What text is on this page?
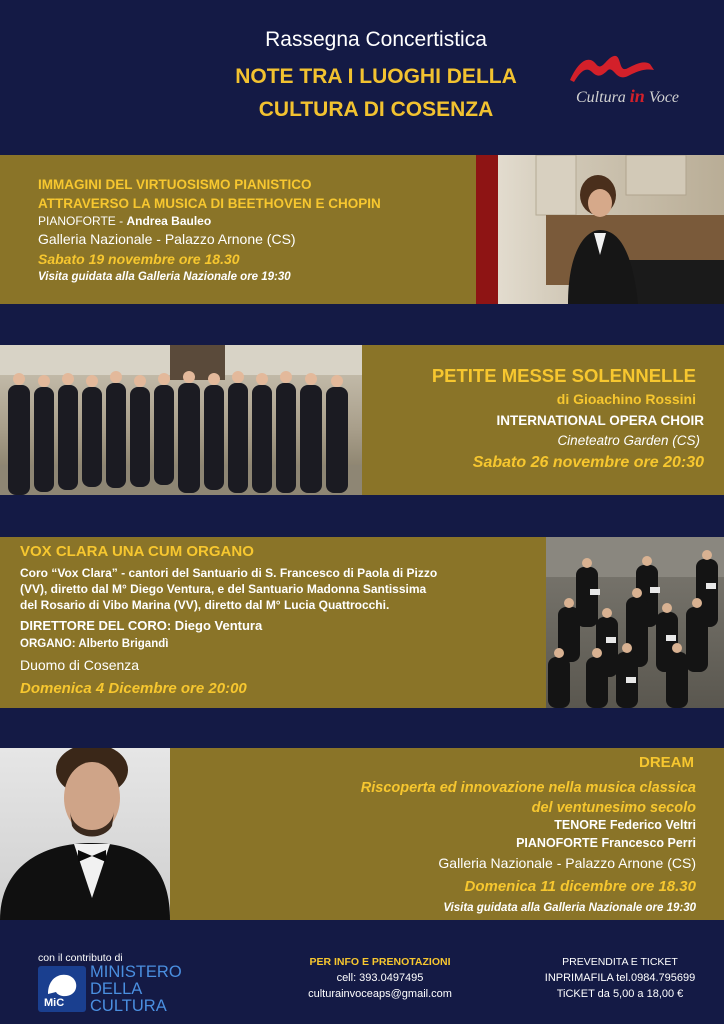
Rassegna Concertistica
NOTE TRA I LUOGHI DELLA
CULTURA DI COSENZA
Cultura in Voce
IMMAGINI DEL VIRTUOSISMO PIANISTICO
ATTRAVERSO LA MUSICA DI BEETHOVEN E CHOPIN
PIANOFORTE - Andrea Bauleo
Galleria Nazionale - Palazzo Arnone (CS)
Sabato 19 novembre ore 18.30
Visita guidata alla Galleria Nazionale ore 19:30
PETITE MESSE SOLENNELLE
di Gioachino Rossini
INTERNATIONAL OPERA CHOIR
Cineteatro Garden (CS)
Sabato 26 novembre ore 20:30
VOX CLARA UNA CUM ORGANO
Coro “Vox Clara” - cantori del Santuario di S. Francesco di Paola di Pizzo
(VV), diretto dal M° Diego Ventura, e del Santuario Madonna Santissima
del Rosario di Vibo Marina (VV), diretto dal M° Lucia Quattrocchi.
DIRETTORE DEL CORO: Diego Ventura
ORGANO: Alberto Brigandì
Duomo di Cosenza
Domenica 4 Dicembre ore 20:00
DREAM
Riscoperta ed innovazione nella musica classica
del ventunesimo secolo
TENORE Federico Veltri
PIANOFORTE Francesco Perri
Galleria Nazionale - Palazzo Arnone (CS)
Domenica 11 dicembre ore 18.30
Visita guidata alla Galleria Nazionale ore 19:30
con il contributo di
MiC
MINISTERO
DELLA
CULTURA
PER INFO E PRENOTAZIONI
cell: 393.0497495
culturainvoceaps@gmail.com
PREVENDITA E TICKET
INPRIMAFILA tel.0984.795699
TiCKET da 5,00 a 18,00 €
